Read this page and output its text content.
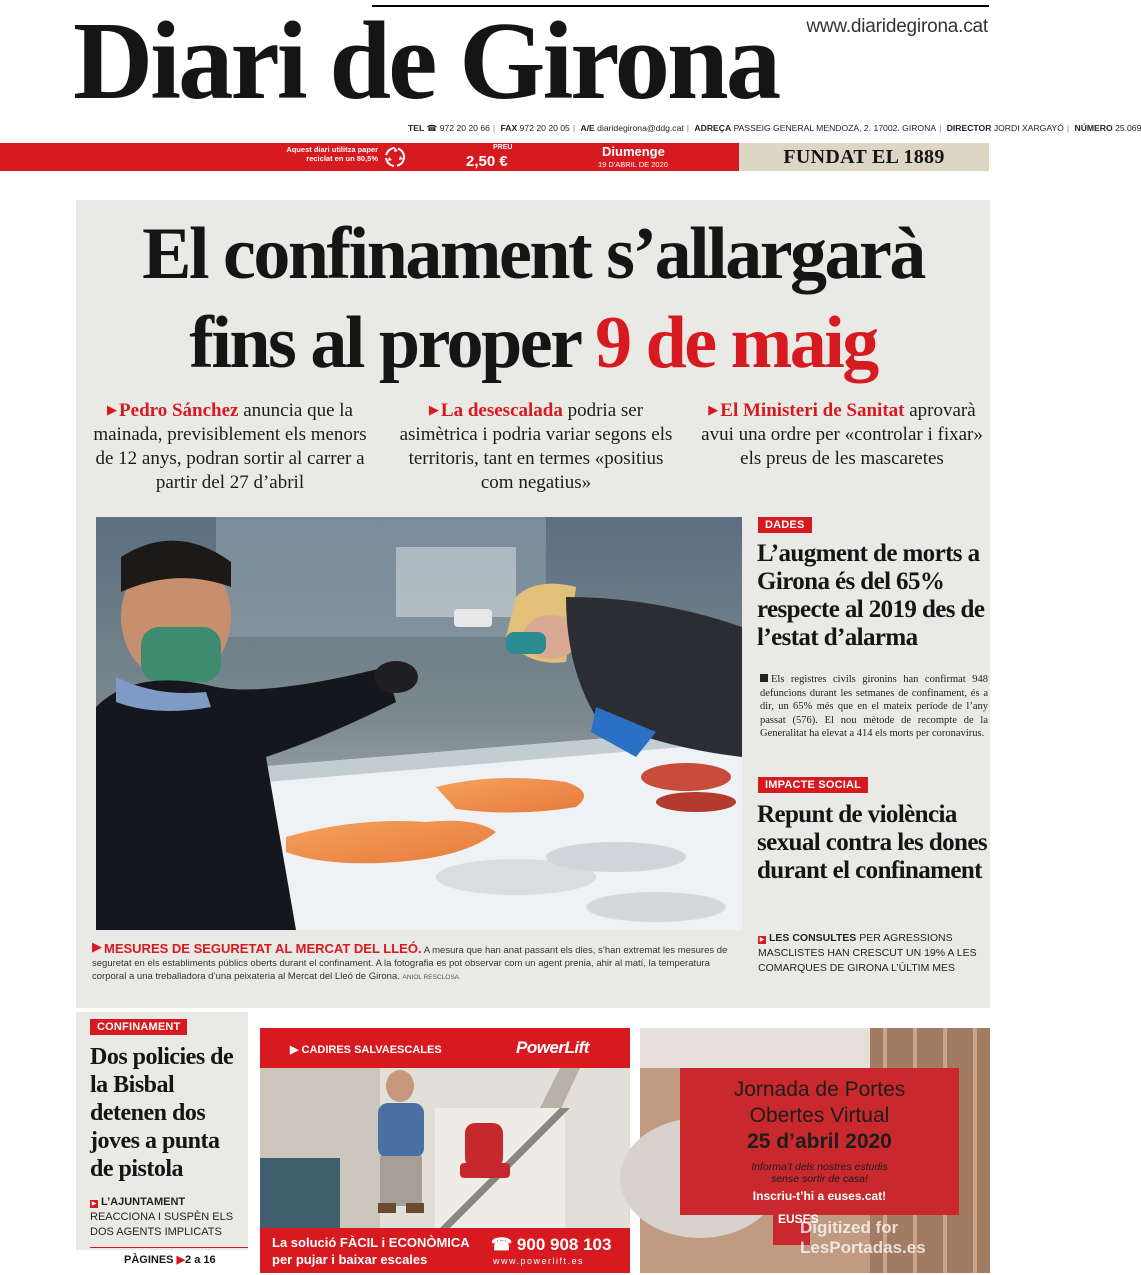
www.diaridegirona.cat
Diari de Girona
TEL ☎ 972 20 20 66 | FAX 972 20 20 05 | A/E diaridegirona@ddg.cat | ADREÇA PASSEIG GENERAL MENDOZA, 2. 17002. GIRONA | DIRECTOR JORDI XARGAYÓ | NÚMERO 25.069
Aquest diari utilitza paper reciclat en un 80,5%
PREU
2,50 €
Diumenge
19 D'ABRIL DE 2020	FUNDAT EL 1889
El confinament s’allargarà
fins al proper 9 de maig
▶ Pedro Sánchez anuncia que la mainada, previsiblement els menors de 12 anys, podran sortir al carrer a partir del 27 d’abril
▶ La desescalada podria ser asimètrica i podria variar segons els territoris, tant en termes «positius com negatius»
▶ El Ministeri de Sanitat aprovarà avui una ordre per «controlar i fixar» els preus de les mascaretes
▶ MESURES DE SEGURETAT AL MERCAT DEL LLEÓ. A mesura que han anat passant els dies, s’han extremat les mesures de seguretat en els establiments públics oberts durant el confinament. A la fotografia es pot observar com un agent prenia, ahir al matí, la temperatura corporal a una treballadora d’una peixateria al Mercat del Lleó de Girona. ANIOL RESCLOSA
DADES
L’augment de morts a Girona és del 65% respecte al 2019 des de l’estat d’alarma
Els registres civils gironins han confirmat 948 defuncions durant les setmanes de confinament, és a dir, un 65% més que en el mateix període de l’any passat (576). El nou mètode de recompte de la Generalitat ha elevat a 414 els morts per coronavirus.
IMPACTE SOCIAL
Repunt de violència sexual contra les dones durant el confinament
▶ LES CONSULTES PER AGRESSIONS MASCLISTES HAN CRESCUT UN 19% A LES COMARQUES DE GIRONA L’ÚLTIM MES
CONFINAMENT
Dos policies de la Bisbal detenen dos joves a punta de pistola
▶ L’AJUNTAMENT
REACCIONA I SUSPÈN ELS DOS AGENTS IMPLICATS
PÀGINES ▶2 a 16
▶ CADIRES SALVAESCALES	PowerLift
La solució FÀCIL i ECONÒMICA
per pujar i baixar escales
☎ 900 908 103
www.powerlift.es
Jornada de Portes
Obertes Virtual
25 d’abril 2020
Informa’t dels nostres estudis
sense sortir de casa!
Inscriu-t’hi a euses.cat!
EUSES
Digitized for
LesPortadas.es
